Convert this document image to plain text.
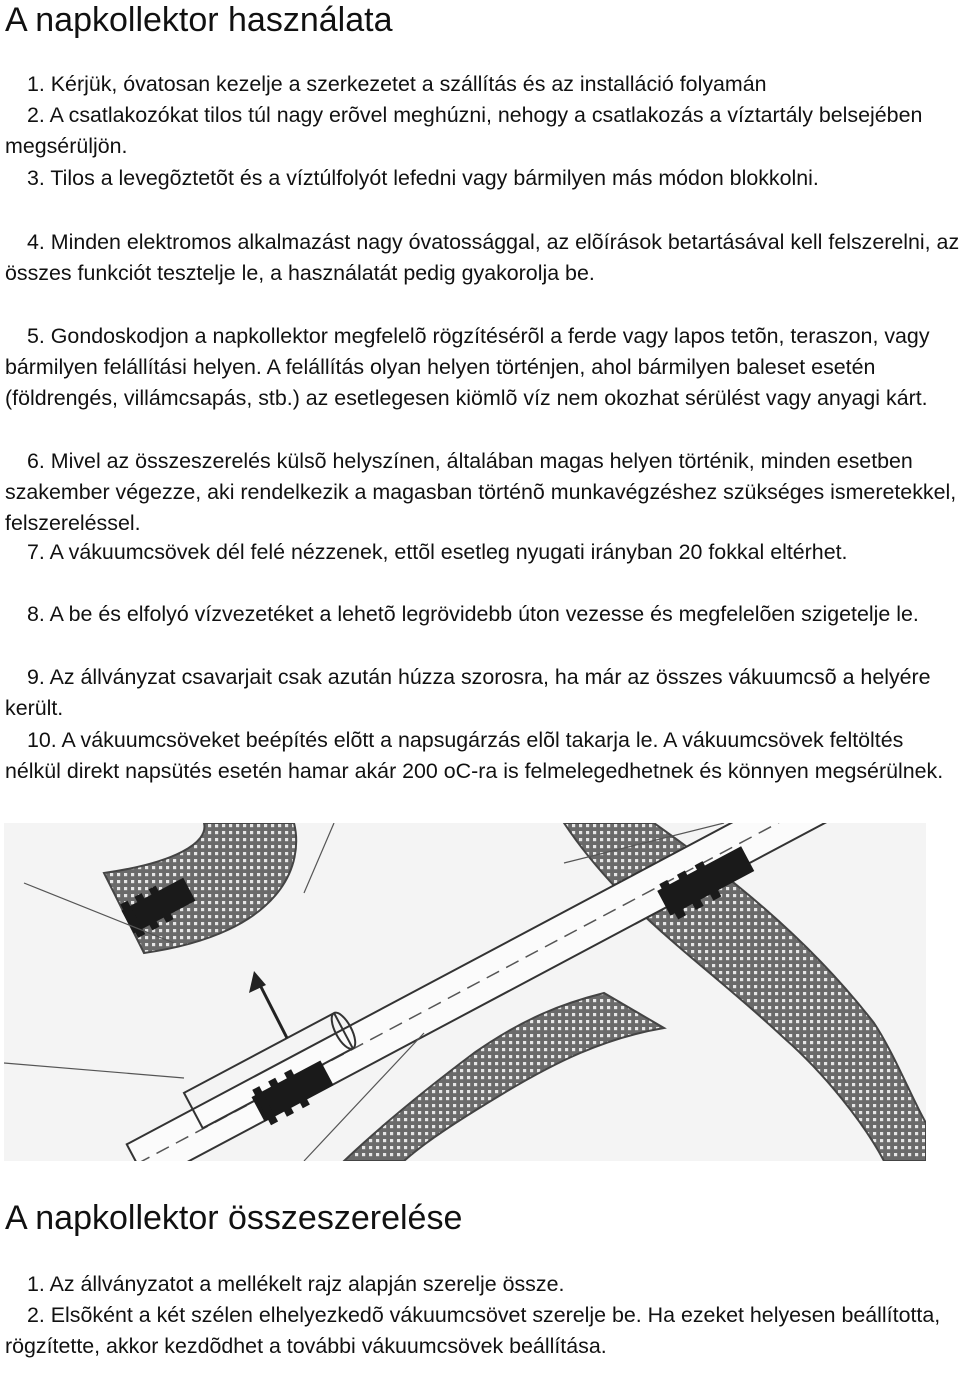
A napkollektor használata

1. Kérjük, óvatosan kezelje a szerkezetet a szállítás és az installáció folyamán

2. A csatlakozókat tilos túl nagy erõvel meghúzni, nehogy a csatlakozás a víztartály belsejében megsérüljön.

3. Tilos a levegõztetõt és a víztúlfolyót lefedni vagy bármilyen más módon blokkolni.

4. Minden elektromos alkalmazást nagy óvatossággal, az elõírások betartásával kell felszerelni, az összes funkciót tesztelje le, a használatát pedig gyakorolja be.

5. Gondoskodjon a napkollektor megfelelõ rögzítésérõl a ferde vagy lapos tetõn, teraszon, vagy bármilyen felállítási helyen. A felállítás olyan helyen történjen, ahol bármilyen baleset esetén (földrengés, villámcsapás, stb.) az esetlegesen kiömlõ víz nem okozhat sérülést vagy anyagi kárt.

6. Mivel az összeszerelés külsõ helyszínen, általában magas helyen történik, minden esetben szakember végezze, aki rendelkezik a magasban történõ munkavégzéshez szükséges ismeretekkel, felszereléssel.

7. A vákuumcsövek dél felé nézzenek, ettõl esetleg nyugati irányban 20 fokkal eltérhet.

8. A be és elfolyó vízvezetéket a lehetõ legrövidebb úton vezesse és megfelelõen szigetelje le.

9. Az állványzat csavarjait csak azután húzza szorosra, ha már az összes vákuumcsõ a helyére került.

10. A vákuumcsöveket beépítés elõtt a napsugárzás elõl takarja le. A vákuumcsövek feltöltés nélkül direkt napsütés esetén hamar akár 200 oC-ra is felmelegedhetnek és könnyen megsérülnek.

A napkollektor összeszerelése

1. Az állványzatot a mellékelt rajz alapján szerelje össze.

2. Elsõként a két szélen elhelyezkedõ vákuumcsövet szerelje be. Ha ezeket helyesen beállította, rögzítette, akkor kezdõdhet a további vákuumcsövek beállítása.
